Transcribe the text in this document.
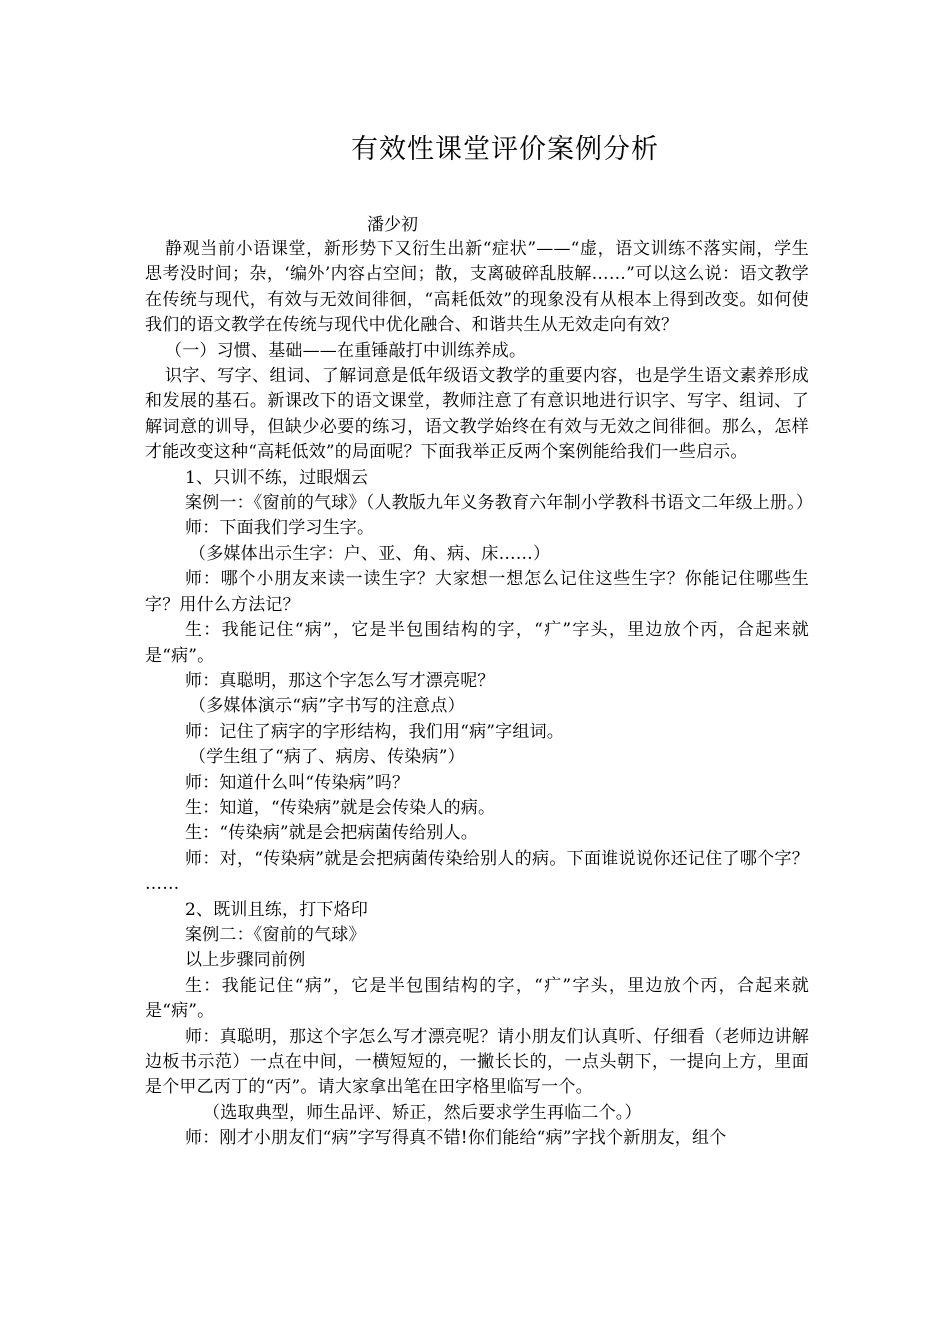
有效性课堂评价案例分析
潘少初

静观当前小语课堂，新形势下又衍生出新“症状”——“虚，语文训练不落实闹，学生思考没时间；杂，‘编外’内容占空间；散，支离破碎乱肢解……”可以这么说：语文教学在传统与现代，有效与无效间徘徊，“高耗低效”的现象没有从根本上得到改变。如何使我们的语文教学在传统与现代中优化融合、和谐共生从无效走向有效？

（一）习惯、基础——在重锤敲打中训练养成。

识字、写字、组词、了解词意是低年级语文教学的重要内容，也是学生语文素养形成和发展的基石。新课改下的语文课堂，教师注意了有意识地进行识字、写字、组词、了解词意的训导，但缺少必要的练习，语文教学始终在有效与无效之间徘徊。那么，怎样才能改变这种“高耗低效”的局面呢？下面我举正反两个案例能给我们一些启示。

1、只训不练，过眼烟云

案例一：《窗前的气球》（人教版九年义务教育六年制小学教科书语文二年级上册。）

师：下面我们学习生字。

（多媒体出示生字：户、亚、角、病、床……）

师：哪个小朋友来读一读生字？大家想一想怎么记住这些生字？你能记住哪些生字？用什么方法记？

生：我能记住“病”，它是半包围结构的字，“疒”字头，里边放个丙，合起来就是“病”。

师：真聪明，那这个字怎么写才漂亮呢？

（多媒体演示“病”字书写的注意点）

师：记住了病字的字形结构，我们用“病”字组词。

（学生组了“病了、病房、传染病”）

师：知道什么叫“传染病”吗？

生：知道，“传染病”就是会传染人的病。

生：“传染病”就是会把病菌传给别人。

师：对，“传染病”就是会把病菌传染给别人的病。下面谁说说你还记住了哪个字？ ……

2、既训且练，打下烙印

案例二：《窗前的气球》

以上步骤同前例

生：我能记住“病”，它是半包围结构的字，“疒”字头，里边放个丙，合起来就是“病”。

师：真聪明，那这个字怎么写才漂亮呢？请小朋友们认真听、仔细看（老师边讲解边板书示范）一点在中间，一横短短的，一撇长长的，一点头朝下，一提向上方，里面是个甲乙丙丁的“丙”。请大家拿出笔在田字格里临写一个。

（选取典型，师生品评、矫正，然后要求学生再临二个。）

师：刚才小朋友们“病”字写得真不错!你们能给“病”字找个新朋友，组个
